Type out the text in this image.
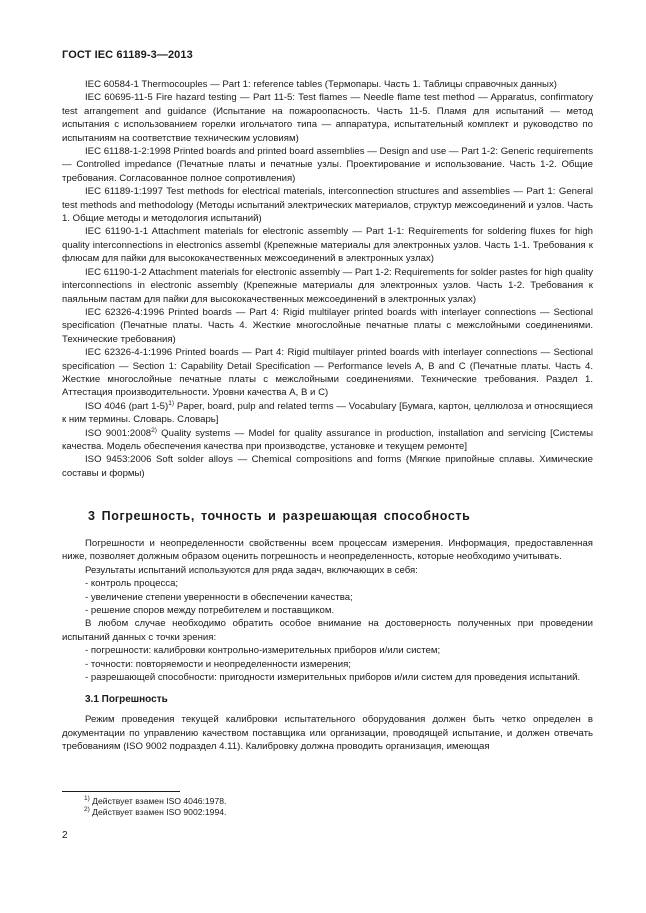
ГОСТ IEC 61189-3—2013

IEC 60584-1 Thermocouples — Part 1: reference tables (Термопары. Часть 1. Таблицы справочных данных)

IEC 60695-11-5 Fire hazard testing — Part 11-5: Test flames — Needle flame test method — Apparatus, confirmatory test arrangement and guidance (Испытание на пожароопасность. Часть 11-5. Пламя для испытаний — метод испытания с использованием горелки игольчатого типа — аппаратура, испытательный комплект и руководство по испытаниям на соответствие техническим условиям)

IEC 61188-1-2:1998 Printed boards and printed board assemblies — Design and use — Part 1-2: Generic requirements — Controlled impedance (Печатные платы и печатные узлы. Проектирование и использование. Часть 1-2. Общие требования. Согласованное полное сопротивления)

IEC 61189-1:1997 Test methods for electrical materials, interconnection structures and assemblies — Part 1: General test methods and methodology (Методы испытаний электрических материалов, структур межсоединений и узлов. Часть 1. Общие методы и методология испытаний)

IEC 61190-1-1 Attachment materials for electronic assembly — Part 1-1: Requirements for soldering fluxes for high quality interconnections in electronics assembl (Крепежные материалы для электронных узлов. Часть 1-1. Требования к флюсам для пайки для высококачественных межсоединений в электронных узлах)

IEC 61190-1-2 Attachment materials for electronic assembly — Part 1-2: Requirements for solder pastes for high quality interconnections in electronic assembly (Крепежные материалы для электронных узлов. Часть 1-2. Требования к паяльным пастам для пайки для высококачественных межсоединений в электронных узлах)

IEC 62326-4:1996 Printed boards — Part 4: Rigid multilayer printed boards with interlayer connections — Sectional specification (Печатные платы. Часть 4. Жесткие многослойные печатные платы с межслойными соединениями. Технические требования)

IEC 62326-4-1:1996 Printed boards — Part 4: Rigid multilayer printed boards with interlayer connections — Sectional specification — Section 1: Capability Detail Specification — Performance levels A, B and C (Печатные платы. Часть 4. Жесткие многослойные печатные платы с межслойными соединениями. Технические требования. Раздел 1. Аттестация производительности. Уровни качества А, В и С)

ISO 4046 (part 1-5)$^{1)}$ Paper, board, pulp and related terms — Vocabulary [Бумага, картон, целлюлоза и относящиеся к ним термины. Словарь. Словарь]

ISO 9001:2008$^{2)}$ Quality systems — Model for quality assurance in production, installation and servicing [Системы качества. Модель обеспечения качества при производстве, установке и текущем ремонте]

ISO 9453:2006 Soft solder alloys — Chemical compositions and forms (Мягкие припойные сплавы. Химические составы и формы)

3 Погрешность, точность и разрешающая способность

Погрешности и неопределенности свойственны всем процессам измерения. Информация, предоставленная ниже, позволяет должным образом оценить погрешность и неопределенность, которые необходимо учитывать.

Результаты испытаний используются для ряда задач, включающих в себя:

- контроль процесса;

- увеличение степени уверенности в обеспечении качества;

- решение споров между потребителем и поставщиком.

В любом случае необходимо обратить особое внимание на достоверность полученных при проведении испытаний данных с точки зрения:

- погрешности: калибровки контрольно-измерительных приборов и/или систем;

- точности: повторяемости и неопределенности измерения;

- разрешающей способности: пригодности измерительных приборов и/или систем для проведения испытаний.

3.1 Погрешность

Режим проведения текущей калибровки испытательного оборудования должен быть четко определен в документации по управлению качеством поставщика или организации, проводящей испытание, и должен отвечать требованиям (ISO 9002 подраздел 4.11). Калибровку должна проводить организация, имеющая

$^{1)}$ Действует взамен ISO 4046:1978.

$^{2)}$ Действует взамен ISO 9002:1994.

2
